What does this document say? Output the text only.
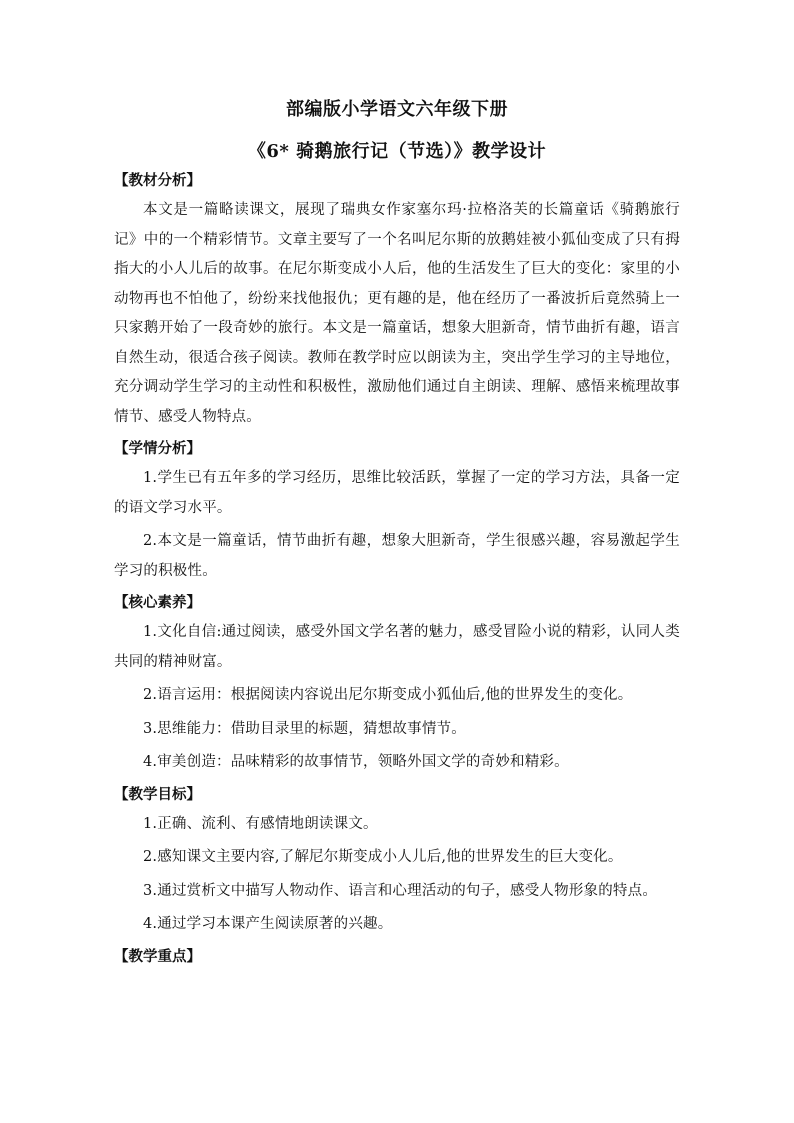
部编版小学语文六年级下册
《6* 骑鹅旅行记（节选）》教学设计

【教材分析】

本文是一篇略读课文，展现了瑞典女作家塞尔玛·拉格洛芙的长篇童话《骑鹅旅行记》中的一个精彩情节。文章主要写了一个名叫尼尔斯的放鹅娃被小狐仙变成了只有拇指大的小人儿后的故事。在尼尔斯变成小人后，他的生活发生了巨大的变化：家里的小动物再也不怕他了，纷纷来找他报仇；更有趣的是，他在经历了一番波折后竟然骑上一只家鹅开始了一段奇妙的旅行。本文是一篇童话，想象大胆新奇，情节曲折有趣，语言自然生动，很适合孩子阅读。教师在教学时应以朗读为主，突出学生学习的主导地位，充分调动学生学习的主动性和积极性，激励他们通过自主朗读、理解、感悟来梳理故事情节、感受人物特点。

【学情分析】

1.学生已有五年多的学习经历，思维比较活跃，掌握了一定的学习方法，具备一定的语文学习水平。

2.本文是一篇童话，情节曲折有趣，想象大胆新奇，学生很感兴趣，容易激起学生学习的积极性。

【核心素养】

1.文化自信:通过阅读，感受外国文学名著的魅力，感受冒险小说的精彩，认同人类共同的精神财富。

2.语言运用：根据阅读内容说出尼尔斯变成小狐仙后,他的世界发生的变化。

3.思维能力：借助目录里的标题，猜想故事情节。

4.审美创造：品味精彩的故事情节，领略外国文学的奇妙和精彩。

【教学目标】

1.正确、流利、有感情地朗读课文。

2.感知课文主要内容,了解尼尔斯变成小人儿后,他的世界发生的巨大变化。

3.通过赏析文中描写人物动作、语言和心理活动的句子，感受人物形象的特点。

4.通过学习本课产生阅读原著的兴趣。

【教学重点】
